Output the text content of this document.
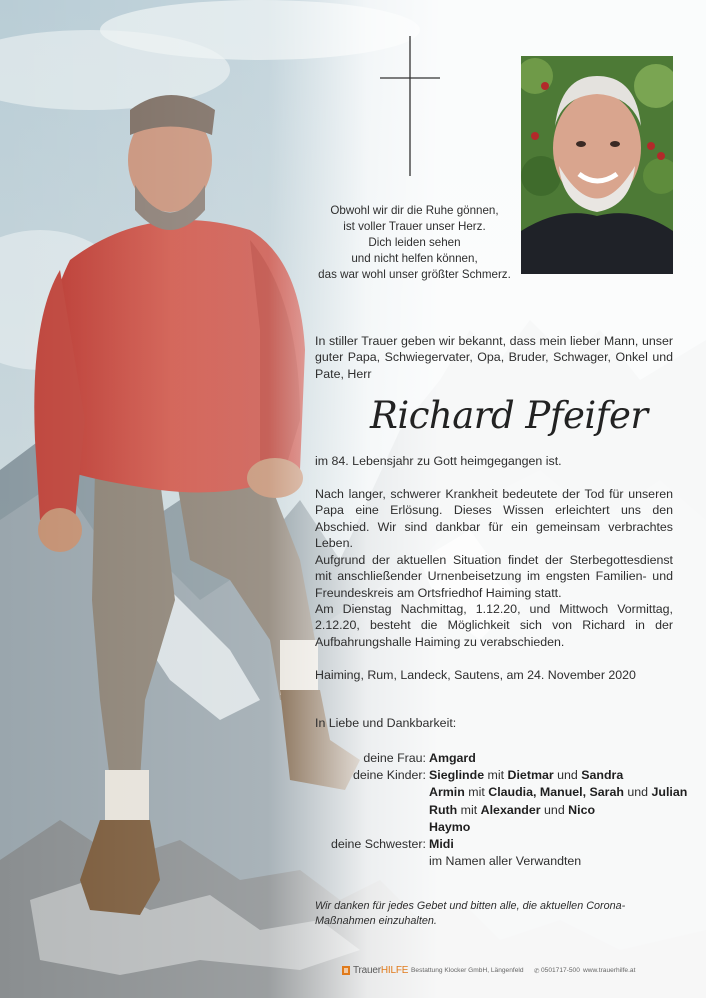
Obwohl wir dir die Ruhe gönnen,
ist voller Trauer unser Herz.
Dich leiden sehen
und nicht helfen können,
das war wohl unser größter Schmerz.
In stiller Trauer geben wir bekannt, dass mein lieber Mann, unser guter Papa, Schwiegervater, Opa, Bruder, Schwager, Onkel und Pate, Herr
Richard Pfeifer
im 84. Lebensjahr zu Gott heimgegangen ist.
Nach langer, schwerer Krankheit bedeutete der Tod für unseren Papa eine Erlösung. Dieses Wissen erleichtert uns den Abschied. Wir sind dankbar für ein gemeinsam verbrachtes Leben.
Aufgrund der aktuellen Situation findet der Sterbegottesdienst mit anschließender Urnenbeisetzung im engsten Familien- und Freundeskreis am Ortsfriedhof Haiming statt.
Am Dienstag Nachmittag, 1.12.20, und Mittwoch Vormittag, 2.12.20, besteht die Möglichkeit sich von Richard in der Aufbahrungshalle Haiming zu verabschieden.
Haiming, Rum, Landeck, Sautens, am 24. November 2020
In Liebe und Dankbarkeit:
deine Frau: Amgard
deine Kinder: Sieglinde mit Dietmar und Sandra
Armin mit Claudia, Manuel, Sarah und Julian
Ruth mit Alexander und Nico
Haymo
deine Schwester: Midi
im Namen aller Verwandten
Wir danken für jedes Gebet und bitten alle, die aktuellen Corona-Maßnahmen einzuhalten.
TrauerHILFE Bestattung Klocker GmbH, Längenfeld ✆ 0501717-500 www.trauerhilfe.at
